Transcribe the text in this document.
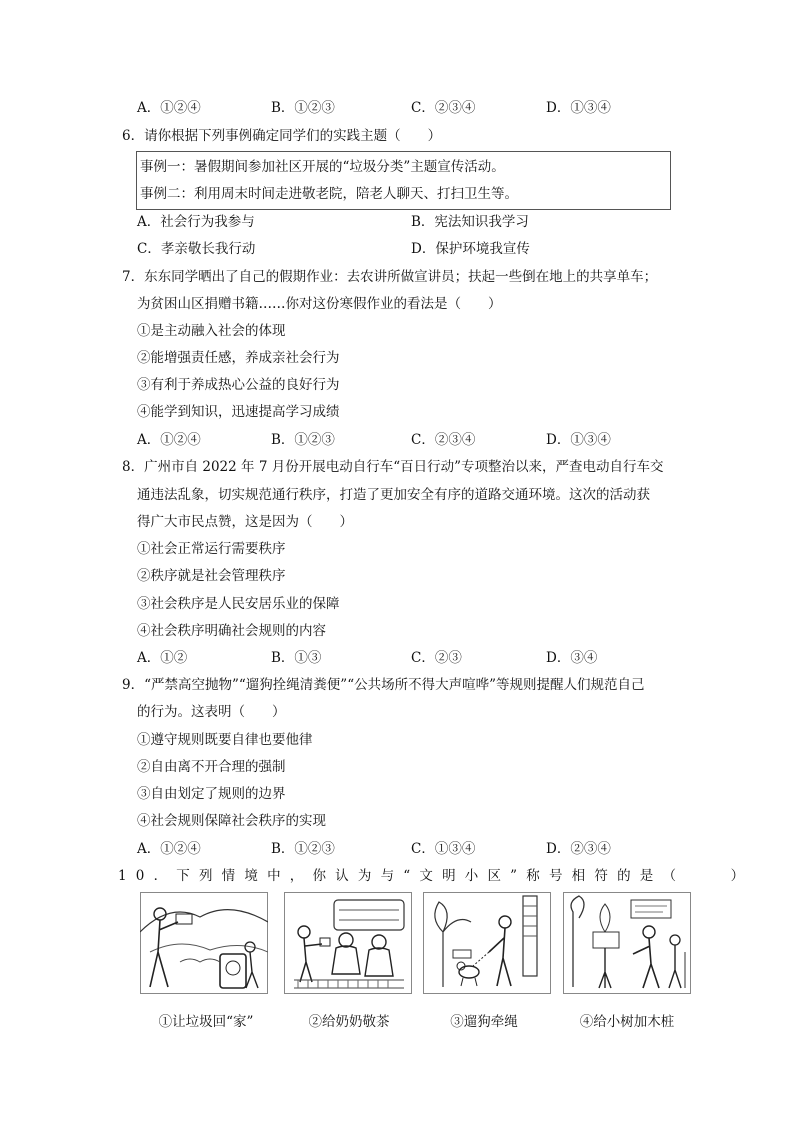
A．①②④	B．①②③	C．②③④	D．①③④
6．请你根据下列事例确定同学们的实践主题（　　）
事例一：暑假期间参加社区开展的“垃圾分类”主题宣传活动。
事例二：利用周末时间走进敬老院，陪老人聊天、打扫卫生等。
A．社会行为我参与	B．宪法知识我学习
C．孝亲敬长我行动	D．保护环境我宣传
7．东东同学晒出了自己的假期作业：去农讲所做宣讲员；扶起一些倒在地上的共享单车；
为贫困山区捐赠书籍……你对这份寒假作业的看法是（　　）
①是主动融入社会的体现
②能增强责任感，养成亲社会行为
③有利于养成热心公益的良好行为
④能学到知识，迅速提高学习成绩
A．①②④	B．①②③	C．②③④	D．①③④
8．广州市自 2022 年 7 月份开展电动自行车“百日行动”专项整治以来，严查电动自行车交
通违法乱象，切实规范通行秩序，打造了更加安全有序的道路交通环境。这次的活动获
得广大市民点赞，这是因为（　　）
①社会正常运行需要秩序
②秩序就是社会管理秩序
③社会秩序是人民安居乐业的保障
④社会秩序明确社会规则的内容
A．①②	B．①③	C．②③	D．③④
9．“严禁高空抛物”“遛狗拴绳清粪便”“公共场所不得大声喧哗”等规则提醒人们规范自己
的行为。这表明（　　）
①遵守规则既要自律也要他律
②自由离不开合理的强制
③自由划定了规则的边界
④社会规则保障社会秩序的实现
A．①②④	B．①②③	C．①③④	D．②③④
10．下列情境中，你认为与“文明小区”称号相符的是（　　）
①让垃圾回“家”	②给奶奶敬茶	③遛狗牵绳	④给小树加木桩
